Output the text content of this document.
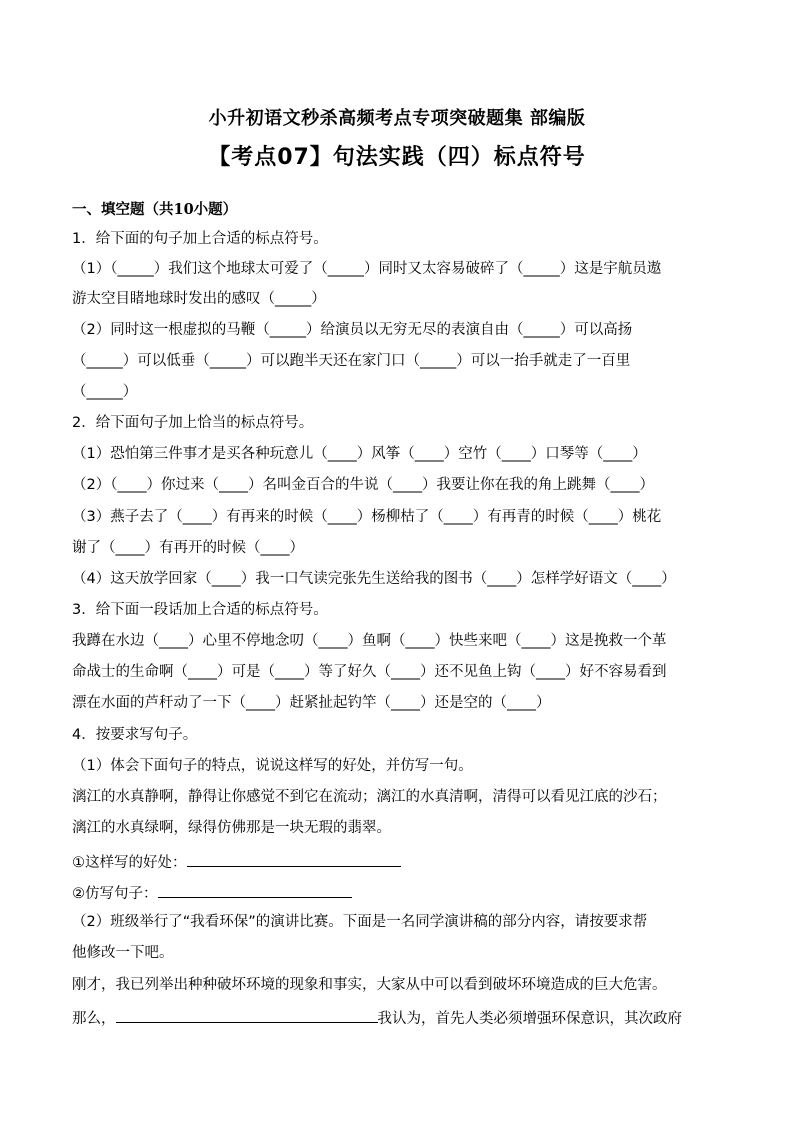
小升初语文秒杀高频考点专项突破题集 部编版
【考点07】句法实践（四）标点符号
一、填空题（共10小题）
1．给下面的句子加上合适的标点符号。
（1）（_____）我们这个地球太可爱了（_____）同时又太容易破碎了（_____）这是宇航员遨
游太空目睹地球时发出的感叹（_____）
（2）同时这一根虚拟的马鞭（_____）给演员以无穷无尽的表演自由（_____）可以高扬
（_____）可以低垂（_____）可以跑半天还在家门口（_____）可以一抬手就走了一百里
（_____）
2．给下面句子加上恰当的标点符号。
（1）恐怕第三件事才是买各种玩意儿（____）风筝（____）空竹（____）口琴等（____）
（2）（____）你过来（____）名叫金百合的牛说（____）我要让你在我的角上跳舞（____）
（3）燕子去了（____）有再来的时候（____）杨柳枯了（____）有再青的时候（____）桃花
谢了（____）有再开的时候（____）
（4）这天放学回家（____）我一口气读完张先生送给我的图书（____）怎样学好语文（____）
3．给下面一段话加上合适的标点符号。
我蹲在水边（____）心里不停地念叨（____）鱼啊（____）快些来吧（____）这是挽救一个革
命战士的生命啊（____）可是（____）等了好久（____）还不见鱼上钩（____）好不容易看到
漂在水面的芦秆动了一下（____）赶紧扯起钓竿（____）还是空的（____）
4．按要求写句子。
（1）体会下面句子的特点，说说这样写的好处，并仿写一句。
漓江的水真静啊，静得让你感觉不到它在流动；漓江的水真清啊，清得可以看见江底的沙石；
漓江的水真绿啊，绿得仿佛那是一块无瑕的翡翠。
①这样写的好处：
②仿写句子：
（2）班级举行了“我看环保”的演讲比赛。下面是一名同学演讲稿的部分内容，请按要求帮
他修改一下吧。
刚才，我已列举出种种破坏环境的现象和事实，大家从中可以看到破坏环境造成的巨大危害。
那么，	我认为，首先人类必须增强环保意识，其次政府
